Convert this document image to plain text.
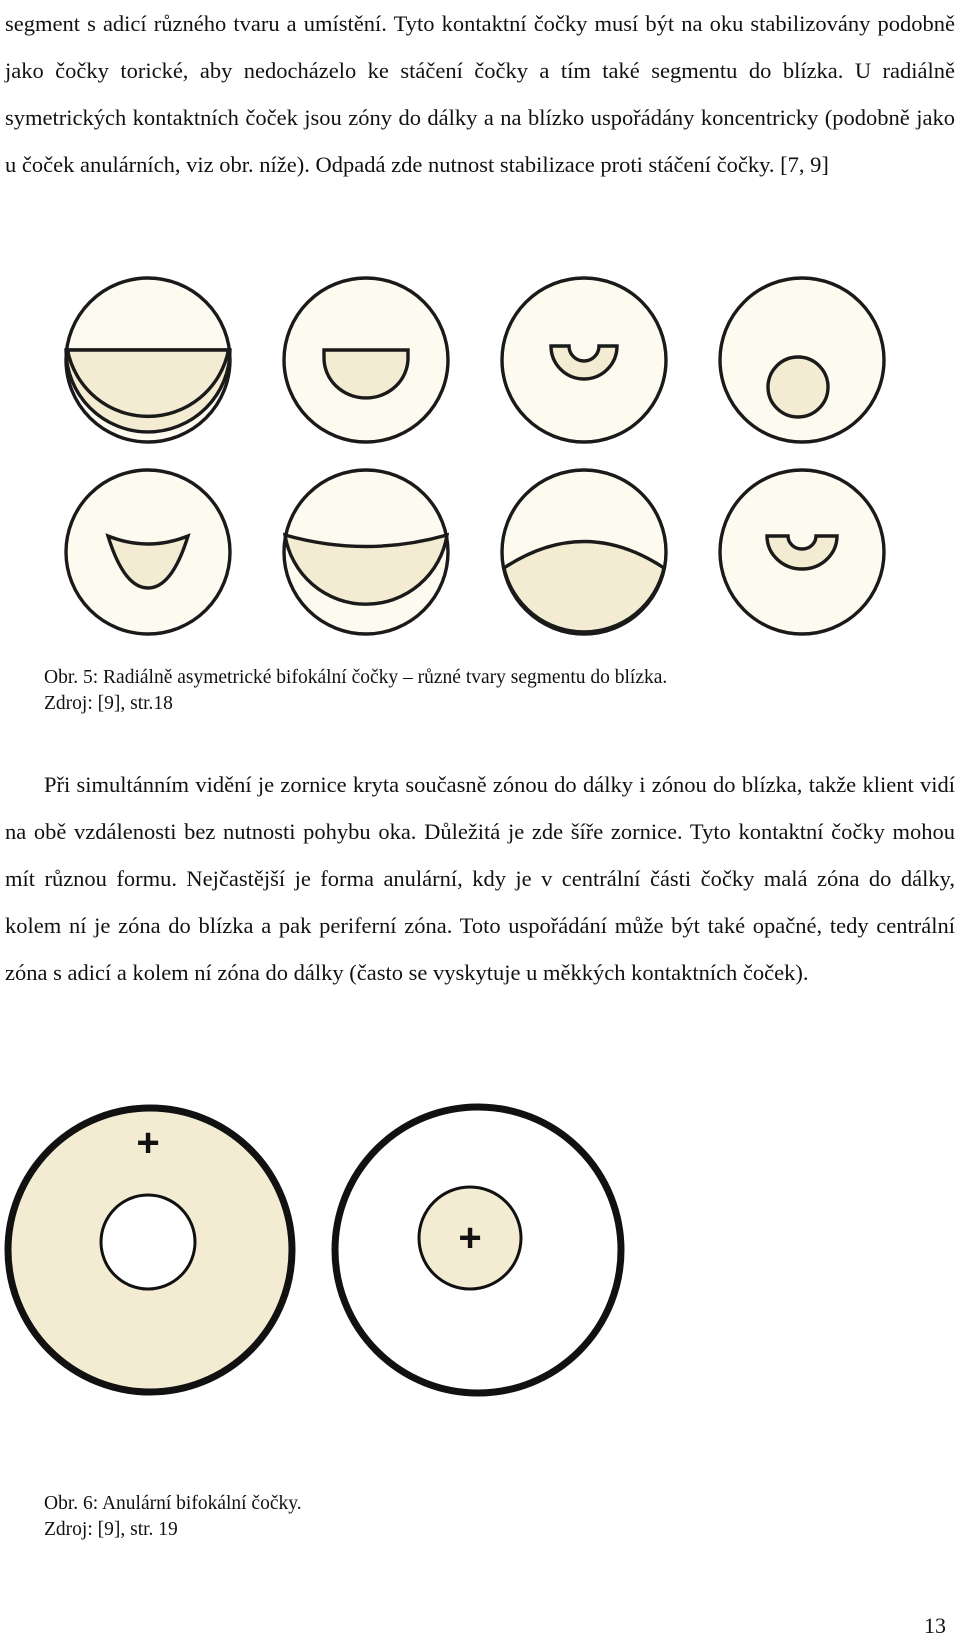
segment s adicí různého tvaru a umístění. Tyto kontaktní čočky musí být na oku stabilizovány podobně jako čočky torické, aby nedocházelo ke stáčení čočky a tím také segmentu do blízka. U radiálně symetrických kontaktních čoček jsou zóny do dálky a na blízko uspořádány koncentricky (podobně jako u čoček anulárních, viz obr. níže). Odpadá zde nutnost stabilizace proti stáčení čočky. [7, 9]

Obr. 5: Radiálně asymetrické bifokální čočky – různé tvary segmentu do blízka.
Zdroj: [9], str.18

Při simultánním vidění je zornice kryta současně zónou do dálky i zónou do blízka, takže klient vidí na obě vzdálenosti bez nutnosti pohybu oka. Důležitá je zde šíře zornice. Tyto kontaktní čočky mohou mít různou formu. Nejčastější je forma anulární, kdy je v centrální části čočky malá zóna do dálky, kolem ní je zóna do blízka a pak periferní zóna. Toto uspořádání může být také opačné, tedy centrální zóna s adicí a kolem ní zóna do dálky (často se vyskytuje u měkkých kontaktních čoček).

+
+

Obr. 6: Anulární bifokální čočky.
Zdroj: [9], str. 19

13
